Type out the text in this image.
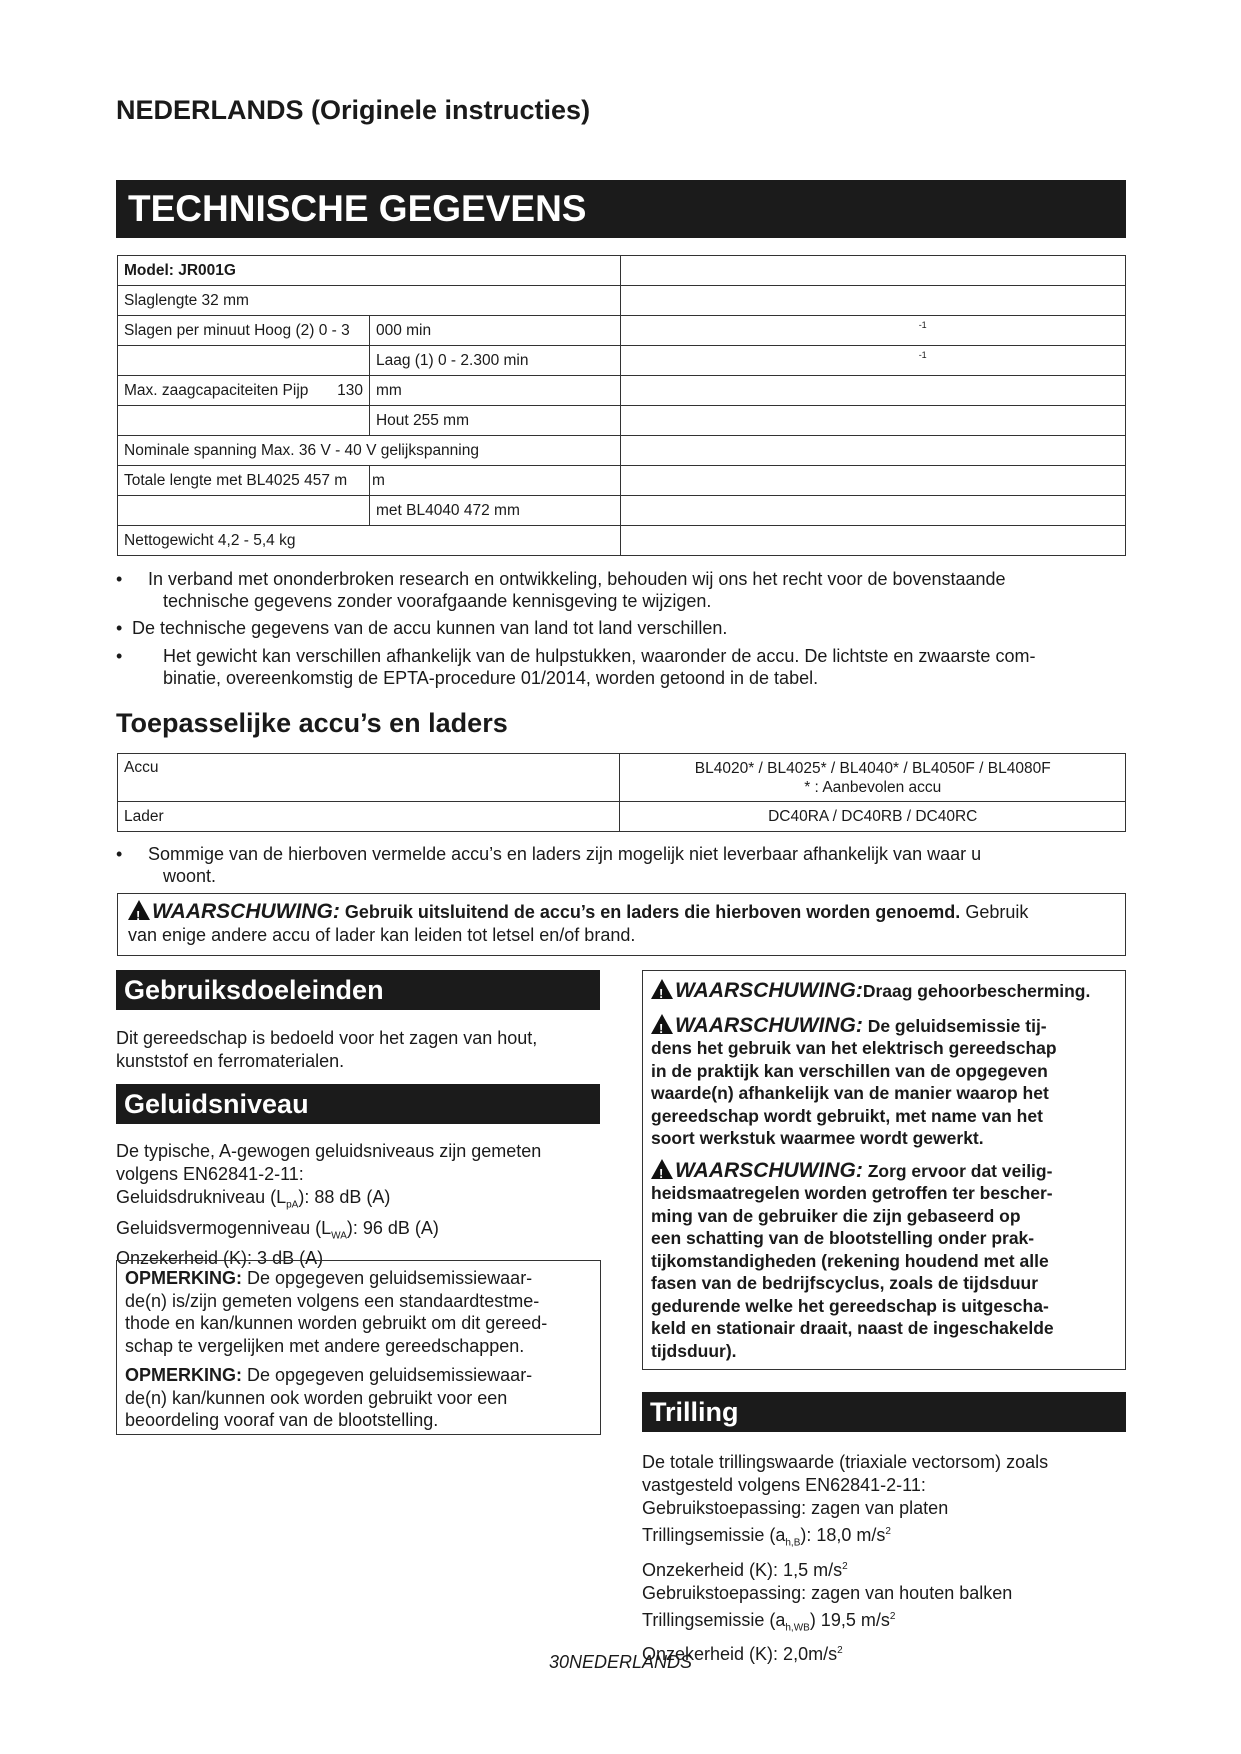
NEDERLANDS (Originele instructies)
TECHNISCHE GEGEVENS
Model: JR001G		
Slaglengte 32 mm		
Slagen per minuut Hoog (2) 0 - 3	000 min	-1

	Laag (1) 0 - 2.300 min	-1

Max. zaagcapaciteiten Pijp 130	mm	
	Hout 255 mm	
Nominale spanning Max. 36 V - 40 V gelijkspanning		
Totale lengte met BL4025 457 m	m	
	met BL4040 472 mm	
Nettogewicht 4,2 - 5,4 kg		
•	In verband met ononderbroken research en ontwikkeling, behouden wij ons het recht voor de bovenstaande
technische gegevens zonder voorafgaande kennisgeving te wijzigen.
• De technische gegevens van de accu kunnen van land tot land verschillen.
•	Het gewicht kan verschillen afhankelijk van de hulpstukken, waaronder de accu. De lichtste en zwaarste com-
binatie, overeenkomstig de EPTA-procedure 01/2014, worden getoond in de tabel.
Toepasselijke accu’s en laders
Accu	BL4020* / BL4025* / BL4040* / BL4050F / BL4080F
* : Aanbevolen accu

Lader	DC40RA / DC40RB / DC40RC
•	Sommige van de hierboven vermelde accu’s en laders zijn mogelijk niet leverbaar afhankelijk van waar u
woont.
!WAARSCHUWING: Gebruik uitsluitend de accu’s en laders die hierboven worden genoemd. Gebruik
van enige andere accu of lader kan leiden tot letsel en/of brand.
Gebruiksdoeleinden
Dit gereedschap is bedoeld voor het zagen van hout,
kunststof en ferromaterialen.
Geluidsniveau
De typische, A-gewogen geluidsniveaus zijn gemeten
volgens EN62841-2-11:
Geluidsdrukniveau $(L_{pA})$: 88 dB (A)
Geluidsvermogenniveau $(L_{WA})$: 96 dB (A)
Onzekerheid (K): 3 dB (A)
OPMERKING: De opgegeven geluidsemissiewaar-
de(n) is/zijn gemeten volgens een standaardtestme-
thode en kan/kunnen worden gebruikt om dit gereed-
schap te vergelijken met andere gereedschappen.
OPMERKING: De opgegeven geluidsemissiewaar-
de(n) kan/kunnen ook worden gebruikt voor een
beoordeling vooraf van de blootstelling.
!WAARSCHUWING:Draag gehoorbescherming.
!WAARSCHUWING: De geluidsemissie tij-
dens het gebruik van het elektrisch gereedschap
in de praktijk kan verschillen van de opgegeven
waarde(n) afhankelijk van de manier waarop het
gereedschap wordt gebruikt, met name van het
soort werkstuk waarmee wordt gewerkt.
!WAARSCHUWING: Zorg ervoor dat veilig-
heidsmaatregelen worden getroffen ter bescher-
ming van de gebruiker die zijn gebaseerd op
een schatting van de blootstelling onder prak-
tijkomstandigheden (rekening houdend met alle
fasen van de bedrijfscyclus, zoals de tijdsduur
gedurende welke het gereedschap is uitgescha-
keld en stationair draait, naast de ingeschakelde
tijdsduur).
Trilling
De totale trillingswaarde (triaxiale vectorsom) zoals
vastgesteld volgens EN62841-2-11:
Gebruikstoepassing: zagen van platen
Trillingsemissie $(a_{h,B})$: 18,0 $m/s^2$
Onzekerheid (K): 1,5 $m/s^2$
Gebruikstoepassing: zagen van houten balken
Trillingsemissie $(a_{h,WB})$ 19,5 $m/s^2$
Onzekerheid (K): $2,0m/s^2$
30NEDERLANDS
